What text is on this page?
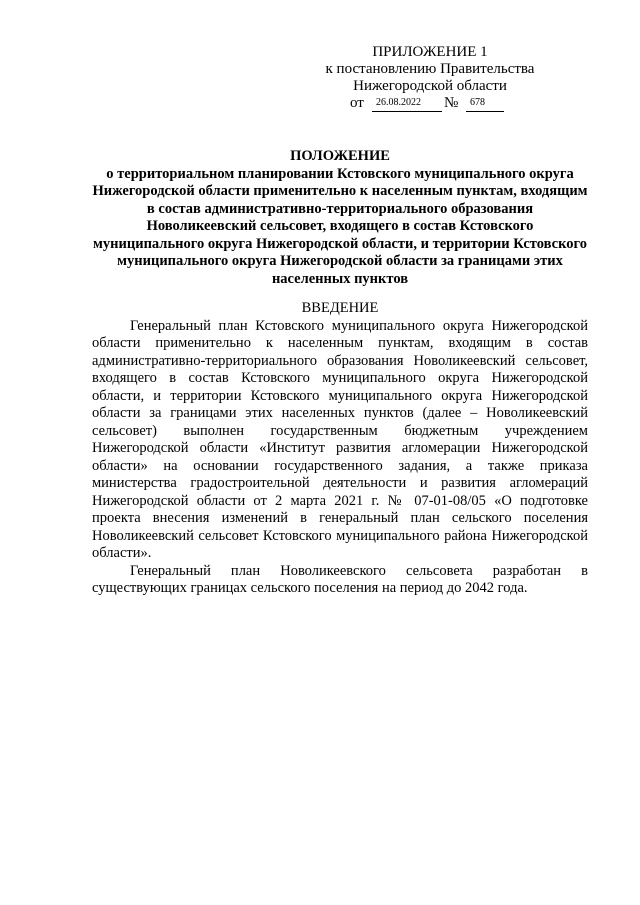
ПРИЛОЖЕНИЕ 1
к постановлению Правительства
Нижегородской области
от	26.08.2022	№	678
ПОЛОЖЕНИЕ
о территориальном планировании Кстовского муниципального округа Нижегородской области применительно к населенным пунктам, входящим в состав административно-территориального образования Новоликеевский сельсовет, входящего в состав Кстовского муниципального округа Нижегородской области, и территории Кстовского муниципального округа Нижегородской области за границами этих населенных пунктов
ВВЕДЕНИЕ

Генеральный план Кстовского муниципального округа Нижегородской области применительно к населенным пунктам, входящим в состав административно-территориального образования Новоликеевский сельсовет, входящего в состав Кстовского муниципального округа Нижегородской области, и территории Кстовского муниципального округа Нижегородской области за границами этих населенных пунктов (далее – Новоликеевский сельсовет) выполнен государственным бюджетным учреждением Нижегородской области «Институт развития агломерации Нижегородской области» на основании государственного задания, а также приказа министерства градостроительной деятельности и развития агломераций Нижегородской области от 2 марта 2021 г. № 07-01-08/05 «О подготовке проекта внесения изменений в генеральный план сельского поселения Новоликеевский сельсовет Кстовского муниципального района Нижегородской области».

Генеральный план Новоликеевского сельсовета разработан в существующих границах сельского поселения на период до 2042 года.
